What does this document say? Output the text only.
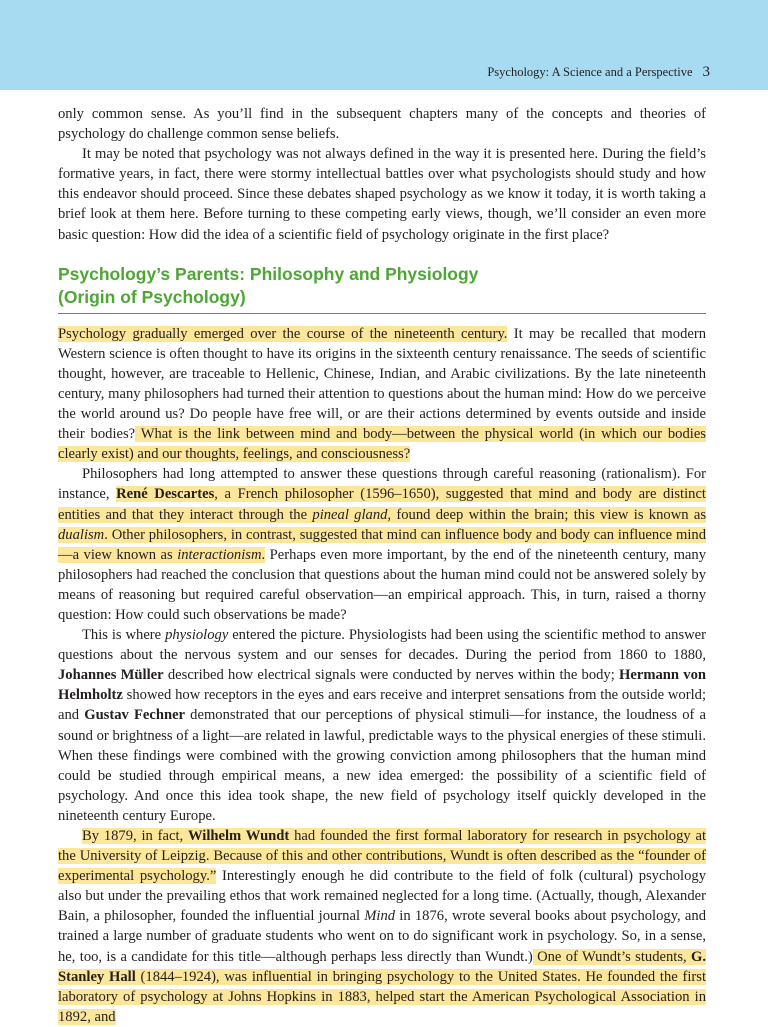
Psychology: A Science and a Perspective 3

only common sense. As you’ll find in the subsequent chapters many of the concepts and theories of psychology do challenge common sense beliefs.

It may be noted that psychology was not always defined in the way it is presented here. During the field’s formative years, in fact, there were stormy intellectual battles over what psychologists should study and how this endeavor should proceed. Since these debates shaped psychology as we know it today, it is worth taking a brief look at them here. Before turning to these competing early views, though, we’ll consider an even more basic question: How did the idea of a scientific field of psychology originate in the first place?

Psychology’s Parents: Philosophy and Physiology
(Origin of Psychology)

Psychology gradually emerged over the course of the nineteenth century. It may be recalled that modern Western science is often thought to have its origins in the sixteenth century renaissance. The seeds of scientific thought, however, are traceable to Hellenic, Chinese, Indian, and Arabic civilizations. By the late nineteenth century, many philosophers had turned their attention to questions about the human mind: How do we perceive the world around us? Do people have free will, or are their actions determined by events outside and inside their bodies? What is the link between mind and body—between the physical world (in which our bodies clearly exist) and our thoughts, feelings, and consciousness?

Philosophers had long attempted to answer these questions through careful reasoning (rationalism). For instance, René Descartes, a French philosopher (1596–1650), suggested that mind and body are distinct entities and that they interact through the pineal gland, found deep within the brain; this view is known as dualism. Other philosophers, in contrast, suggested that mind can influence body and body can influence mind—a view known as interactionism. Perhaps even more important, by the end of the nineteenth century, many philosophers had reached the conclusion that questions about the human mind could not be answered solely by means of reasoning but required careful observation—an empirical approach. This, in turn, raised a thorny question: How could such observations be made?

This is where physiology entered the picture. Physiologists had been using the scientific method to answer questions about the nervous system and our senses for decades. During the period from 1860 to 1880, Johannes Müller described how electrical signals were conducted by nerves within the body; Hermann von Helmholtz showed how receptors in the eyes and ears receive and interpret sensations from the outside world; and Gustav Fechner demonstrated that our perceptions of physical stimuli—for instance, the loudness of a sound or brightness of a light—are related in lawful, predictable ways to the physical energies of these stimuli. When these findings were combined with the growing conviction among philosophers that the human mind could be studied through empirical means, a new idea emerged: the possibility of a scientific field of psychology. And once this idea took shape, the new field of psychology itself quickly developed in the nineteenth century Europe.

By 1879, in fact, Wilhelm Wundt had founded the first formal laboratory for research in psychology at the University of Leipzig. Because of this and other contributions, Wundt is often described as the “founder of experimental psychology.” Interestingly enough he did contribute to the field of folk (cultural) psychology also but under the prevailing ethos that work remained neglected for a long time. (Actually, though, Alexander Bain, a philosopher, founded the influential journal Mind in 1876, wrote several books about psychology, and trained a large number of graduate students who went on to do significant work in psychology. So, in a sense, he, too, is a candidate for this title—although perhaps less directly than Wundt.) One of Wundt’s students, G. Stanley Hall (1844–1924), was influential in bringing psychology to the United States. He founded the first laboratory of psychology at Johns Hopkins in 1883, helped start the American Psychological Association in 1892, and
